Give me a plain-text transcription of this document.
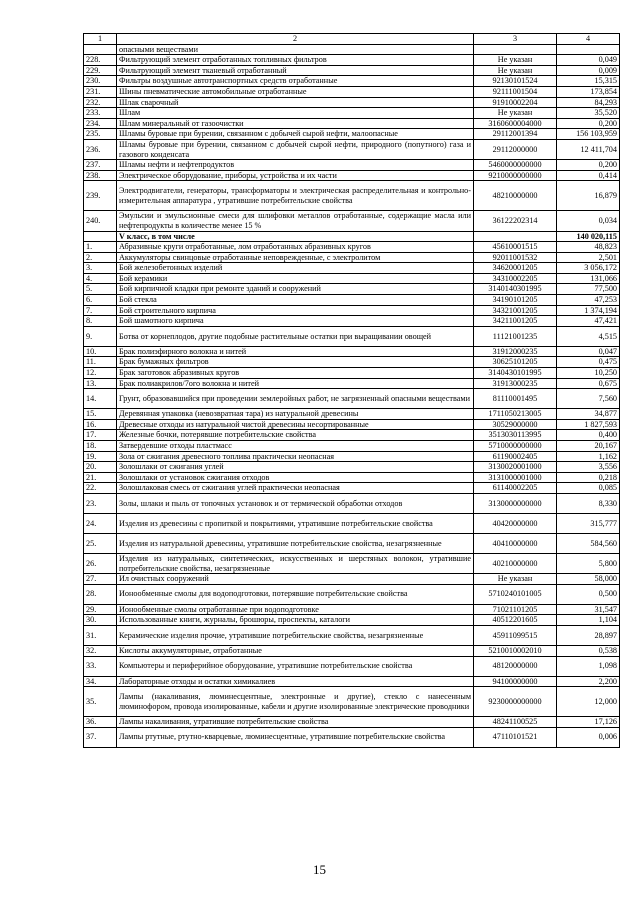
1	2	3	4
	опасными веществами		
228.	Фильтрующий элемент отработанных топливных фильтров	Не указан	0,049
229.	Фильтрующий элемент тканевый отработанный	Не указан	0,009
230.	Фильтры воздушные автотранспортных средств отработанные	92130101524	15,315
231.	Шины пневматические автомобильные отработанные	92111001504	173,854
232.	Шлак сварочный	91910002204	84,293
233.	Шлам	Не указан	35,520
234.	Шлам минеральный от газоочистки	3160600004000	0,200
235.	Шламы буровые при бурении, связанном с добычей сырой нефти, малоопасные	29112001394	156 103,959
236.	Шламы буровые при бурении, связанном с добычей сырой нефти, природного (попутного) газа и газового конденсата	29112000000	12 411,704
237.	Шламы нефти и нефтепродуктов	5460000000000	0,200
238.	Электрическое оборудование, приборы, устройства и их части	9210000000000	0,414
239.	Электродвигатели, генераторы, трансформаторы и электрическая распределительная и контрольно-измерительная аппаратура , утратившие потребительские свойства	48210000000	16,879
240.	Эмульсии и эмульсионные смеси для шлифовки металлов отработанные, содержащие масла или нефтепродукты в количестве менее 15 %	36122202314	0,034
	V класс, в том числе		140 020,115
1.	Абразивные круги отработанные, лом отработанных абразивных кругов	45610001515	48,823
2.	Аккумуляторы свинцовые отработанные неповрежденные, с электролитом	92011001532	2,501
3.	Бой железобетонных изделий	34620001205	3 056,172
4.	Бой керамики	34310002205	131,066
5.	Бой кирпичной кладки при ремонте зданий и сооружений	3140140301995	77,500
6.	Бой стекла	34190101205	47,253
7.	Бой строительного кирпича	34321001205	1 374,194
8.	Бой шамотного кирпича	34211001205	47,421
9.	Ботва от корнеплодов, другие подобные растительные остатки при выращивании овощей	11121001235	4,515
10.	Брак полиэфирного волокна и нитей	31912000235	0,047
11.	Брак бумажных фильтров	30625101205	0,475
12.	Брак заготовок абразивных кругов	3140430101995	10,250
13.	Брак полиакрилов/7ого волокна и нитей	31913000235	0,675
14.	Грунт, образовавшийся при проведении землеройных работ, не загрязненный опасными веществами	81110001495	7,560
15.	Деревянная упаковка (невозвратная тара) из натуральной древесины	1711050213005	34,877
16.	Древесные отходы из натуральной чистой древесины несортированные	30529000000	1 827,593
17.	Железные бочки, потерявшие потребительские свойства	3513030113995	0,400
18.	Затвердевшие отходы пластмасс	5710000000000	20,167
19.	Зола от сжигания древесного топлива практически неопасная	61190002405	1,162
20.	Золошлаки от сжигания углей	3130020001000	3,556
21.	Золошлаки от установок сжигания отходов	3131000001000	0,218
22.	Золошлаковая смесь от сжигания углей практически неопасная	61140002205	0,085
23.	Золы, шлаки и пыль от топочных установок и от термической обработки отходов	3130000000000	8,330
24.	Изделия из древесины с пропиткой и покрытиями, утратившие потребительские свойства	40420000000	315,777
25.	Изделия из натуральной древесины, утратившие потребительские свойства, незагрязненные	40410000000	584,560
26.	Изделия из натуральных, синтетических, искусственных и шерстяных волокон, утратившие потребительские свойства, незагрязненные	40210000000	5,800
27.	Ил очистных сооружений	Не указан	58,000
28.	Ионообменные смолы для водоподготовки, потерявшие потребительские свойства	5710240101005	0,500
29.	Ионообменные смолы отработанные при водоподготовке	71021101205	31,547
30.	Использованные книги, журналы, брошюры, проспекты, каталоги	40512201605	1,104
31.	Керамические изделия прочие, утратившие потребительские свойства, незагрязненные	45911099515	28,897
32.	Кислоты аккумуляторные, отработанные	5210010002010	0,538
33.	Компьютеры и периферийное оборудование, утратившие потребительские свойства	48120000000	1,098
34.	Лабораторные отходы и остатки химикалиев	94100000000	2,200
35.	Лампы (накаливания, люминесцентные, электронные и другие), стекло с нанесенным люминофором, провода изолированные, кабели и другие изолированные электрические проводники	9230000000000	12,000
36.	Лампы накаливания, утратившие потребительские свойства	48241100525	17,126
37.	Лампы ртутные, ртутно-кварцевые, люминесцентные, утратившие потребительские свойства	47110101521	0,006
15
